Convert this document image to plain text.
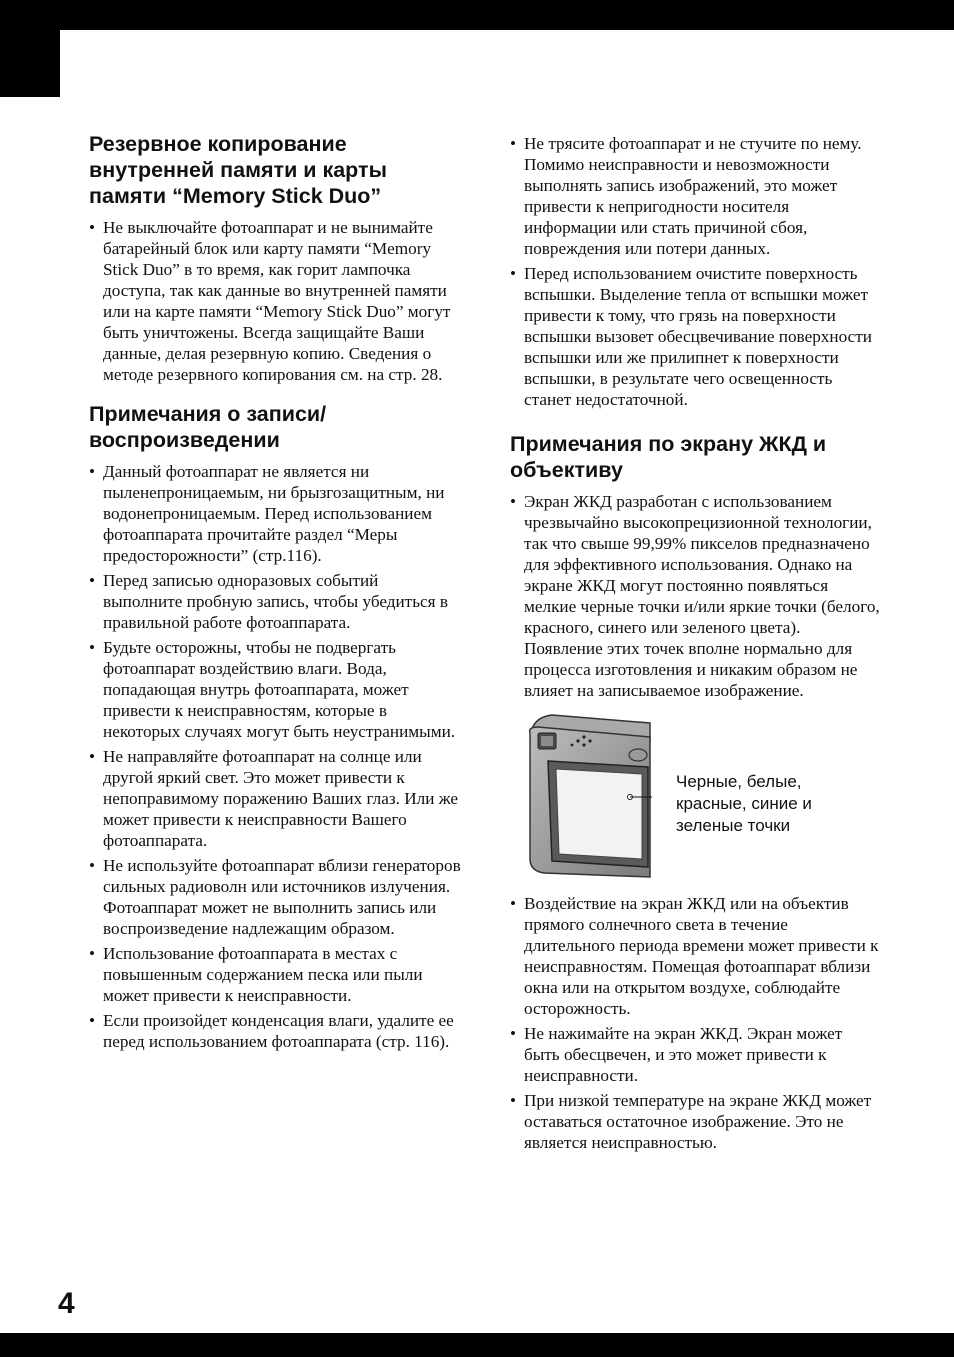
Резервное копирование внутренней памяти и карты памяти “Memory Stick Duo”
• Не выключайте фотоаппарат и не вынимайте батарейный блок или карту памяти “Memory Stick Duo” в то время, как горит лампочка доступа, так как данные во внутренней памяти или на карте памяти “Memory Stick Duo” могут быть уничтожены. Всегда защищайте Ваши данные, делая резервную копию. Сведения о методе резервного копирования см. на стр. 28.
Примечания о записи/ воспроизведении
• Данный фотоаппарат не является ни пыленепроницаемым, ни брызгозащитным, ни водонепроницаемым. Перед использованием фотоаппарата прочитайте раздел “Меры предосторожности” (стр.116).
• Перед записью одноразовых событий выполните пробную запись, чтобы убедиться в правильной работе фотоаппарата.
• Будьте осторожны, чтобы не подвергать фотоаппарат воздействию влаги. Вода, попадающая внутрь фотоаппарата, может привести к неисправностям, которые в некоторых случаях могут быть неустранимыми.
• Не направляйте фотоаппарат на солнце или другой яркий свет. Это может привести к непоправимому поражению Ваших глаз. Или же может привести к неисправности Вашего фотоаппарата.
• Не используйте фотоаппарат вблизи генераторов сильных радиоволн или источников излучения. Фотоаппарат может не выполнить запись или воспроизведение надлежащим образом.
• Использование фотоаппарата в местах с повышенным содержанием песка или пыли может привести к неисправности.
• Если произойдет конденсация влаги, удалите ее перед использованием фотоаппарата (стр. 116).
• Не трясите фотоаппарат и не стучите по нему. Помимо неисправности и невозможности выполнять запись изображений, это может привести к непригодности носителя информации или стать причиной сбоя, повреждения или потери данных.
• Перед использованием очистите поверхность вспышки. Выделение тепла от вспышки может привести к тому, что грязь на поверхности вспышки вызовет обесцвечивание поверхности вспышки или же прилипнет к поверхности вспышки, в результате чего освещенность станет недостаточной.
Примечания по экрану ЖКД и объективу
• Экран ЖКД разработан с использованием чрезвычайно высокопрецизионной технологии, так что свыше 99,99% пикселов предназначено для эффективного использования. Однако на экране ЖКД могут постоянно появляться мелкие черные точки и/или яркие точки (белого, красного, синего или зеленого цвета). Появление этих точек вполне нормально для процесса изготовления и никаким образом не влияет на записываемое изображение.
Черные, белые, красные, синие и зеленые точки
• Воздействие на экран ЖКД или на объектив прямого солнечного света в течение длительного периода времени может привести к неисправностям. Помещая фотоаппарат вблизи окна или на открытом воздухе, соблюдайте осторожность.
• Не нажимайте на экран ЖКД. Экран может быть обесцвечен, и это может привести к неисправности.
• При низкой температуре на экране ЖКД может оставаться остаточное изображение. Это не является неисправностью.
4
